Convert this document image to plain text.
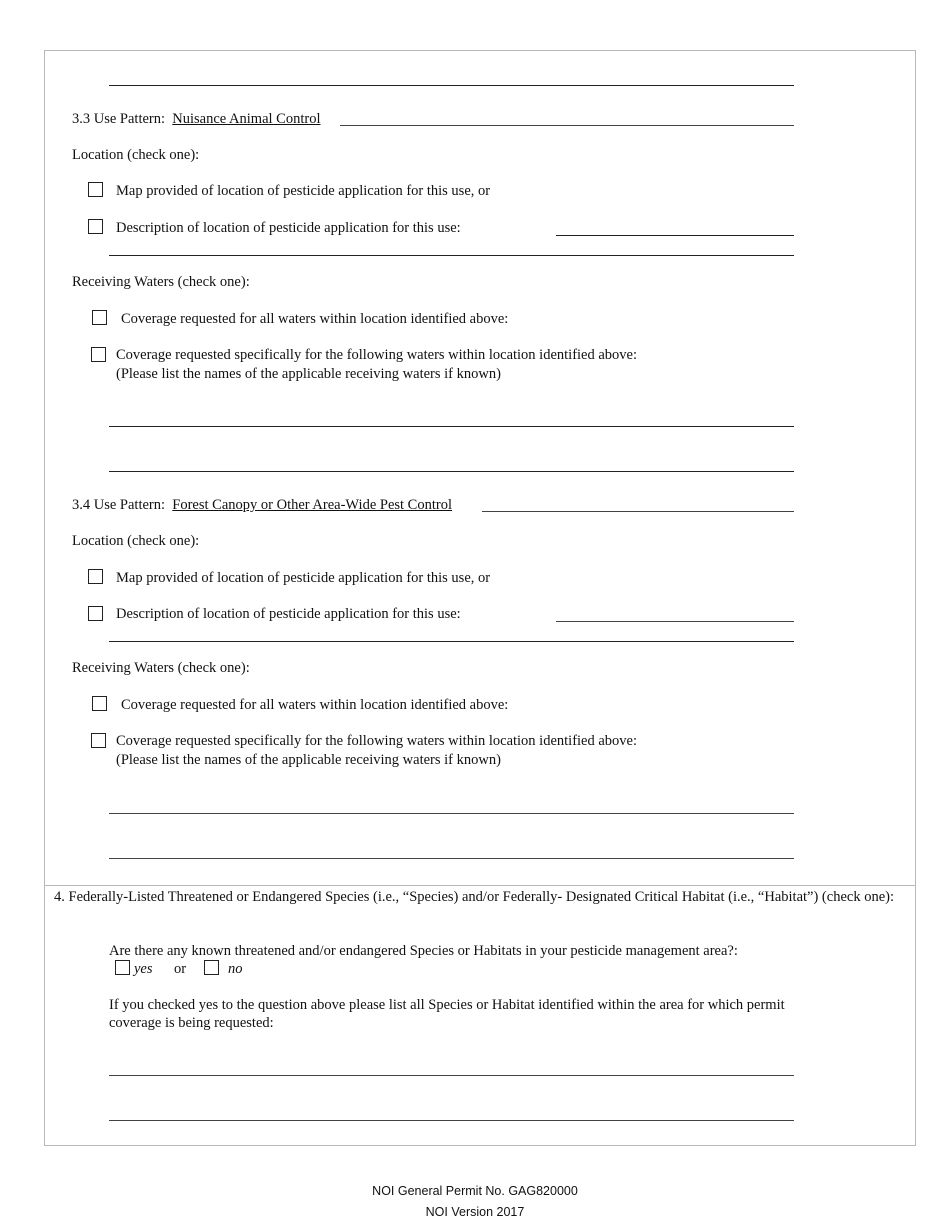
3.3 Use Pattern: Nuisance Animal Control
Location (check one):
Map provided of location of pesticide application for this use, or
Description of location of pesticide application for this use:
Receiving Waters (check one):
Coverage requested for all waters within location identified above:
Coverage requested specifically for the following waters within location identified above:
(Please list the names of the applicable receiving waters if known)
3.4 Use Pattern: Forest Canopy or Other Area-Wide Pest Control
Location (check one):
Map provided of location of pesticide application for this use, or
Description of location of pesticide application for this use:
Receiving Waters (check one):
Coverage requested for all waters within location identified above:
Coverage requested specifically for the following waters within location identified above:
(Please list the names of the applicable receiving waters if known)
4. Federally-Listed Threatened or Endangered Species (i.e., “Species) and/or Federally- Designated Critical Habitat (i.e., “Habitat”) (check one):
Are there any known threatened and/or endangered Species or Habitats in your pesticide management area?:
yes or	no
If you checked yes to the question above please list all Species or Habitat identified within the area for which permit coverage is being requested:
NOI General Permit No. GAG820000
NOI Version 2017
